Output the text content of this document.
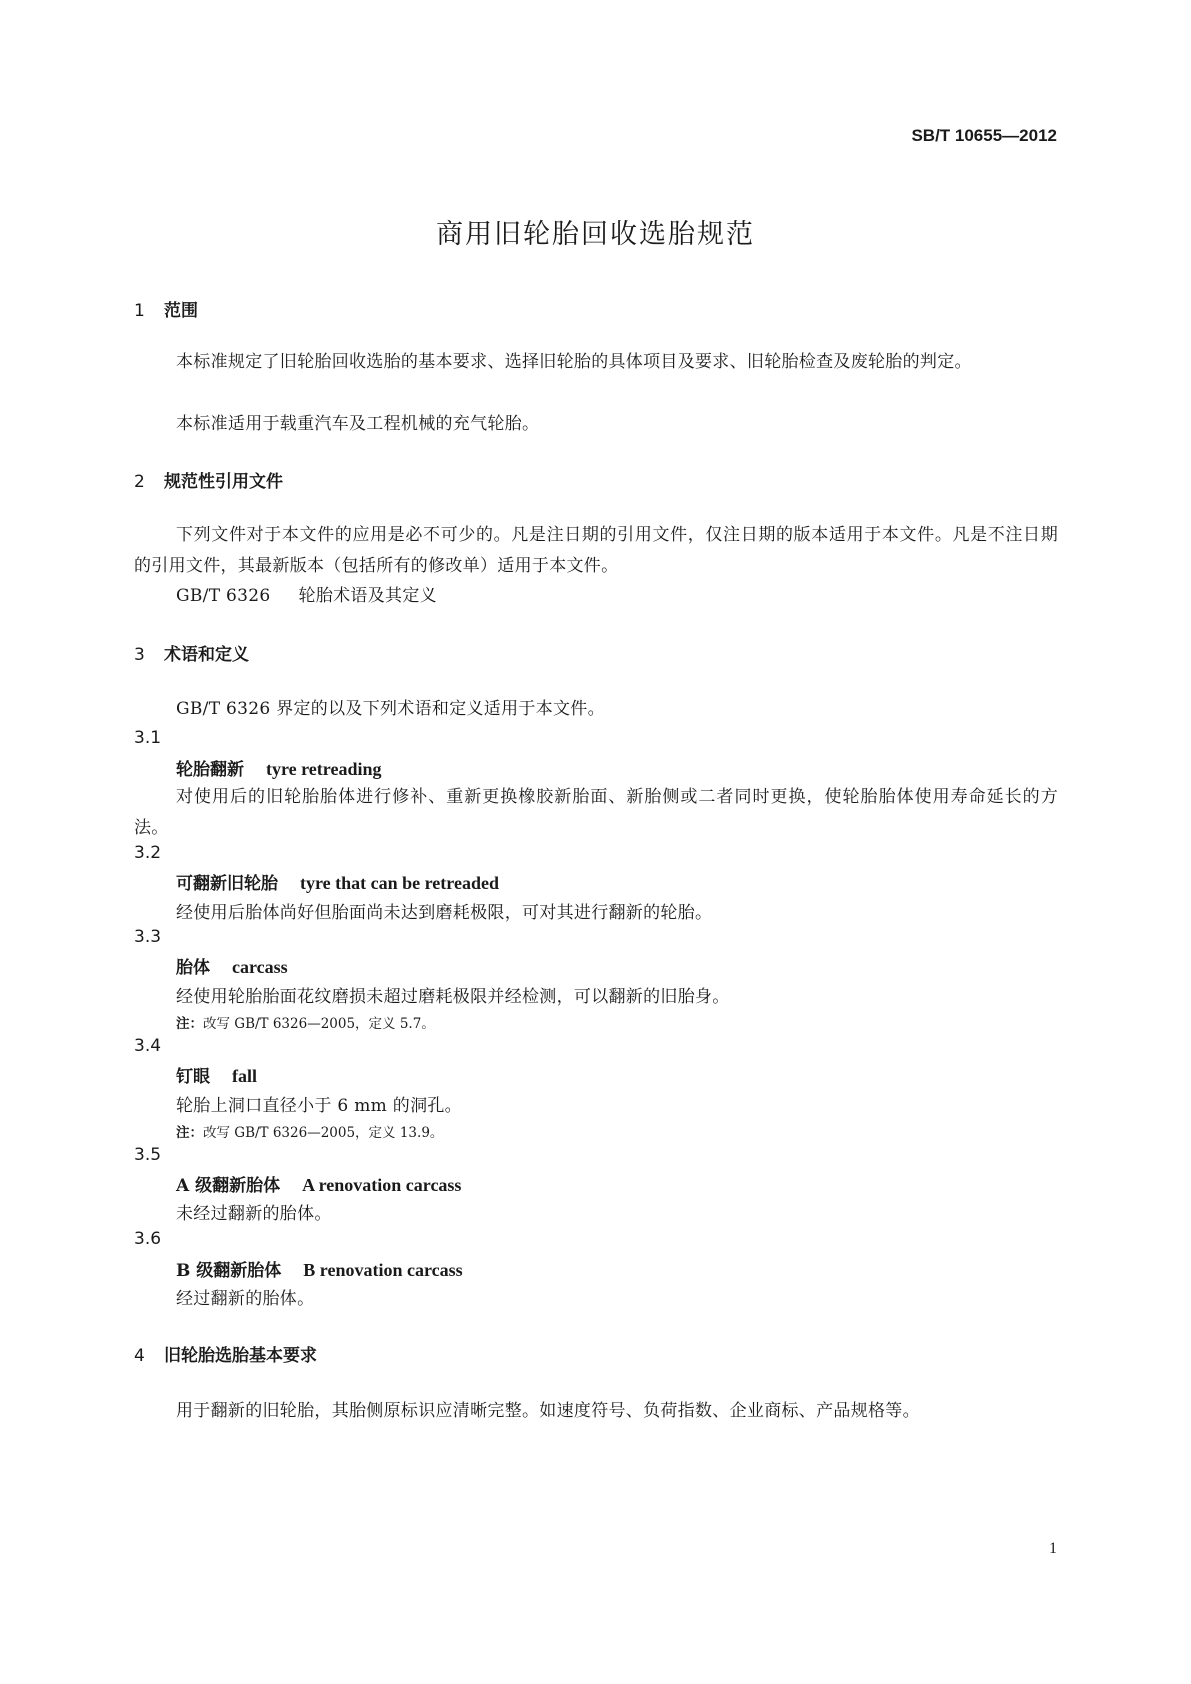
SB/T 10655—2012
商用旧轮胎回收选胎规范
1 范围
本标准规定了旧轮胎回收选胎的基本要求、选择旧轮胎的具体项目及要求、旧轮胎检查及废轮胎的判定。
本标准适用于载重汽车及工程机械的充气轮胎。
2 规范性引用文件
下列文件对于本文件的应用是必不可少的。凡是注日期的引用文件，仅注日期的版本适用于本文件。凡是不注日期的引用文件，其最新版本（包括所有的修改单）适用于本文件。
GB/T 6326 轮胎术语及其定义
3 术语和定义
GB/T 6326 界定的以及下列术语和定义适用于本文件。
3.1
轮胎翻新 tyre retreading
对使用后的旧轮胎胎体进行修补、重新更换橡胶新胎面、新胎侧或二者同时更换，使轮胎胎体使用寿命延长的方法。
3.2
可翻新旧轮胎 tyre that can be retreaded
经使用后胎体尚好但胎面尚未达到磨耗极限，可对其进行翻新的轮胎。
3.3
胎体 carcass
经使用轮胎胎面花纹磨损未超过磨耗极限并经检测，可以翻新的旧胎身。
注：改写 GB/T 6326—2005，定义 5.7。
3.4
钉眼 fall
轮胎上洞口直径小于 6 mm 的洞孔。
注：改写 GB/T 6326—2005，定义 13.9。
3.5
A 级翻新胎体 A renovation carcass
未经过翻新的胎体。
3.6
B 级翻新胎体 B renovation carcass
经过翻新的胎体。
4 旧轮胎选胎基本要求
用于翻新的旧轮胎，其胎侧原标识应清晰完整。如速度符号、负荷指数、企业商标、产品规格等。
1
